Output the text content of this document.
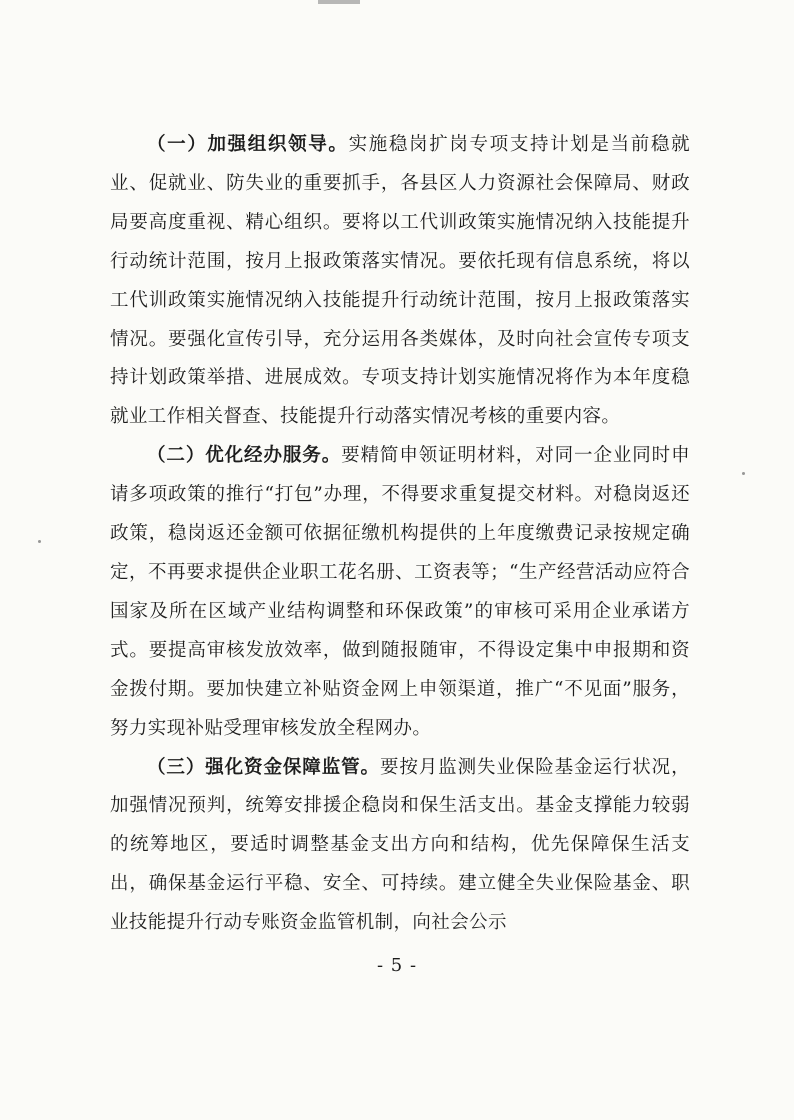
（一）加强组织领导。实施稳岗扩岗专项支持计划是当前稳就业、促就业、防失业的重要抓手，各县区人力资源社会保障局、财政局要高度重视、精心组织。要将以工代训政策实施情况纳入技能提升行动统计范围，按月上报政策落实情况。要依托现有信息系统，将以工代训政策实施情况纳入技能提升行动统计范围，按月上报政策落实情况。要强化宣传引导，充分运用各类媒体，及时向社会宣传专项支持计划政策举措、进展成效。专项支持计划实施情况将作为本年度稳就业工作相关督查、技能提升行动落实情况考核的重要内容。

（二）优化经办服务。要精简申领证明材料，对同一企业同时申请多项政策的推行“打包”办理，不得要求重复提交材料。对稳岗返还政策，稳岗返还金额可依据征缴机构提供的上年度缴费记录按规定确定，不再要求提供企业职工花名册、工资表等；“生产经营活动应符合国家及所在区域产业结构调整和环保政策”的审核可采用企业承诺方式。要提高审核发放效率，做到随报随审，不得设定集中申报期和资金拨付期。要加快建立补贴资金网上申领渠道，推广“不见面”服务，努力实现补贴受理审核发放全程网办。

（三）强化资金保障监管。要按月监测失业保险基金运行状况，加强情况预判，统筹安排援企稳岗和保生活支出。基金支撑能力较弱的统筹地区，要适时调整基金支出方向和结构，优先保障保生活支出，确保基金运行平稳、安全、可持续。建立健全失业保险基金、职业技能提升行动专账资金监管机制，向社会公示

- 5 -
